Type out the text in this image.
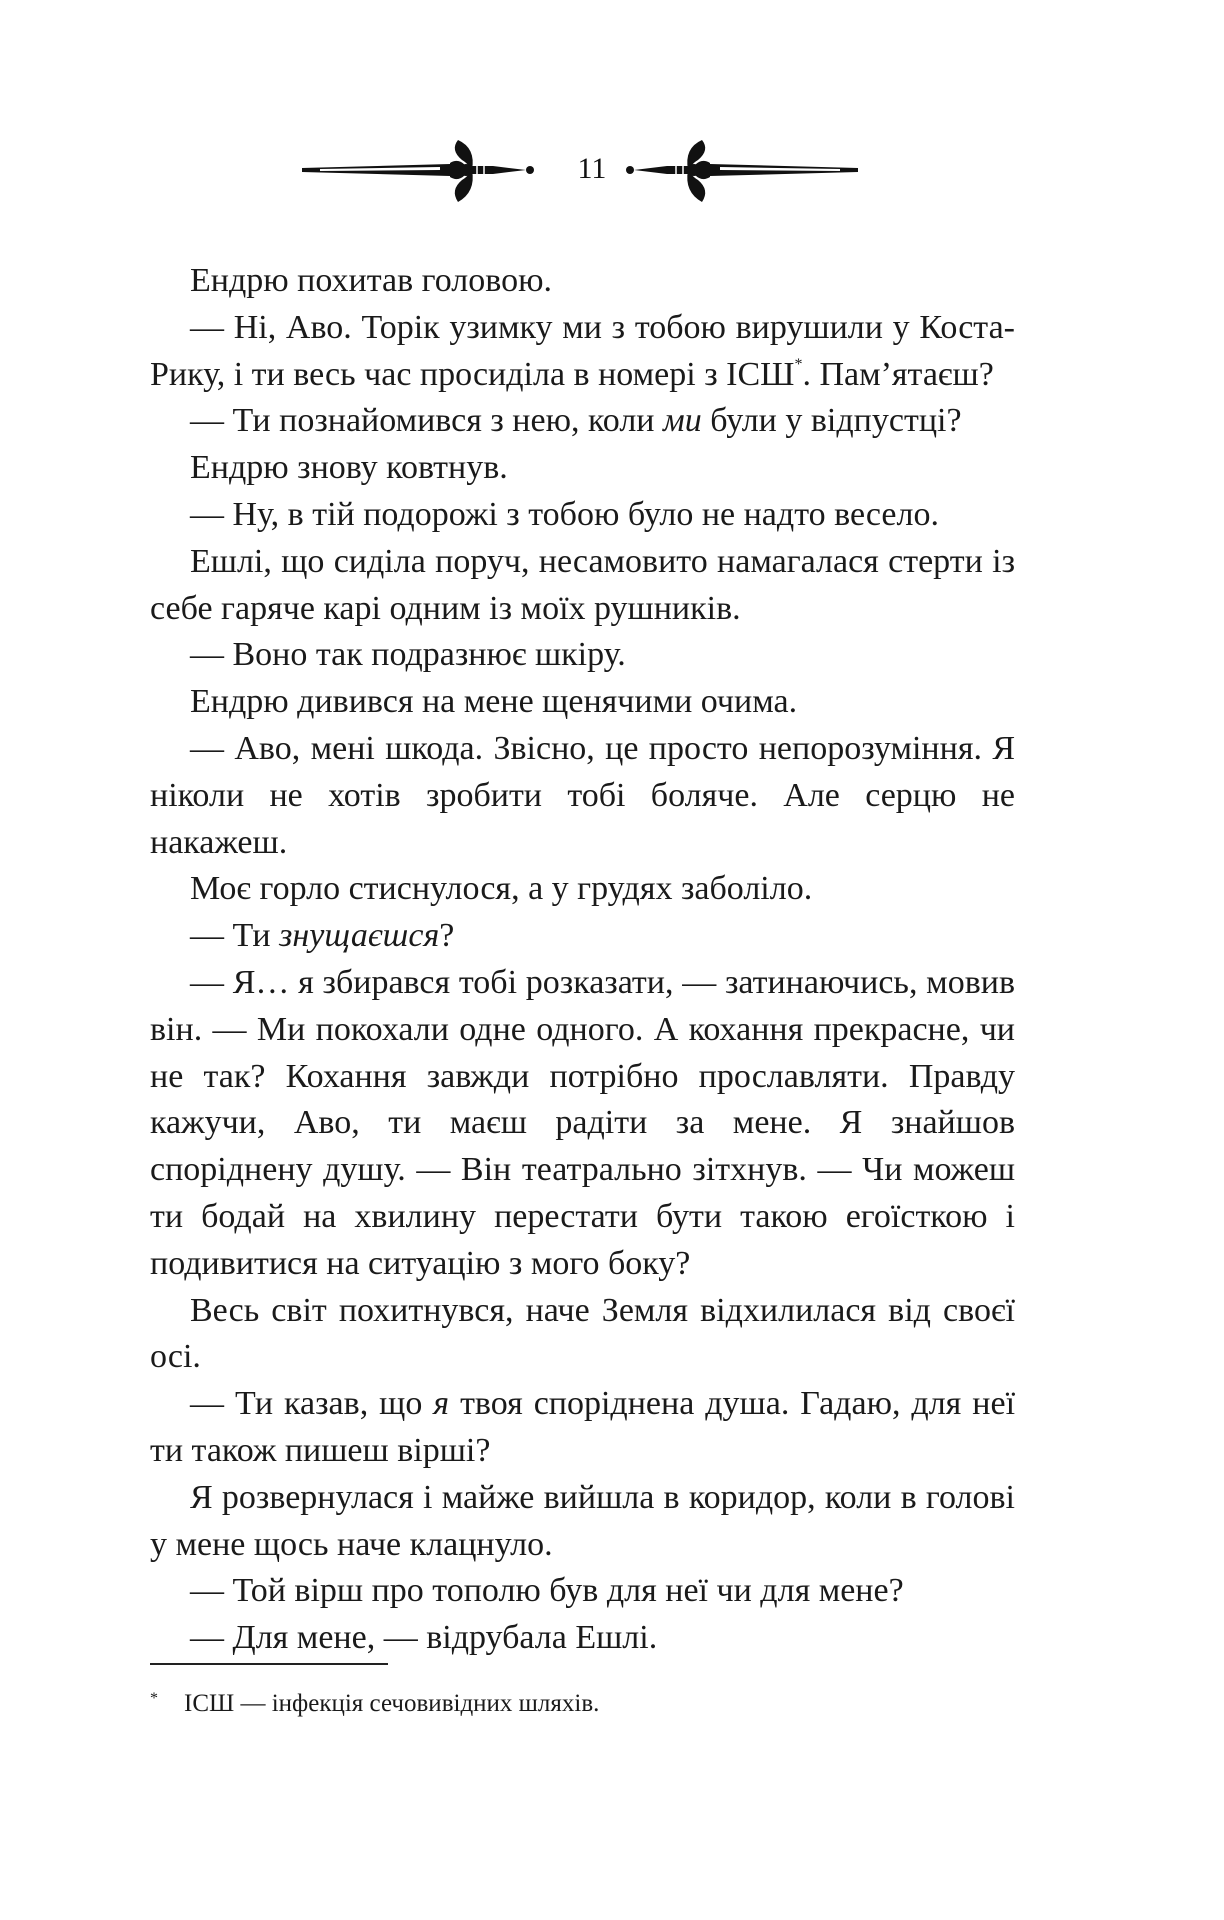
11

Ендрю похитав головою.

— Ні, Аво. Торік узимку ми з тобою вирушили у Коста-Рику, і ти весь час просиділа в номері з ІСШ*. Пам’ятаєш?

— Ти познайомився з нею, коли ми були у відпустці?

Ендрю знову ковтнув.

— Ну, в тій подорожі з тобою було не надто весело.

Ешлі, що сиділа поруч, несамовито намагалася стерти із себе гаряче карі одним із моїх рушників.

— Воно так подразнює шкіру.

Ендрю дивився на мене щенячими очима.

— Аво, мені шкода. Звісно, це просто непорозуміння. Я ніколи не хотів зробити тобі боляче. Але серцю не накажеш.

Моє горло стиснулося, а у грудях заболіло.

— Ти знущаєшся?

— Я… я збирався тобі розказати, — затинаючись, мовив він. — Ми покохали одне одного. А кохання прекрасне, чи не так? Кохання завжди потрібно прославляти. Правду кажучи, Аво, ти маєш радіти за мене. Я знайшов споріднену душу. — Він театрально зітхнув. — Чи можеш ти бодай на хвилину перестати бути такою егоїсткою і подивитися на ситуацію з мого боку?

Весь світ похитнувся, наче Земля відхилилася від своєї осі.

— Ти казав, що я твоя споріднена душа. Гадаю, для неї ти також пишеш вірші?

Я розвернулася і майже вийшла в коридор, коли в голові у мене щось наче клацнуло.

— Той вірш про тополю був для неї чи для мене?

— Для мене, — відрубала Ешлі.

* ІСШ — інфекція сечовивідних шляхів.
